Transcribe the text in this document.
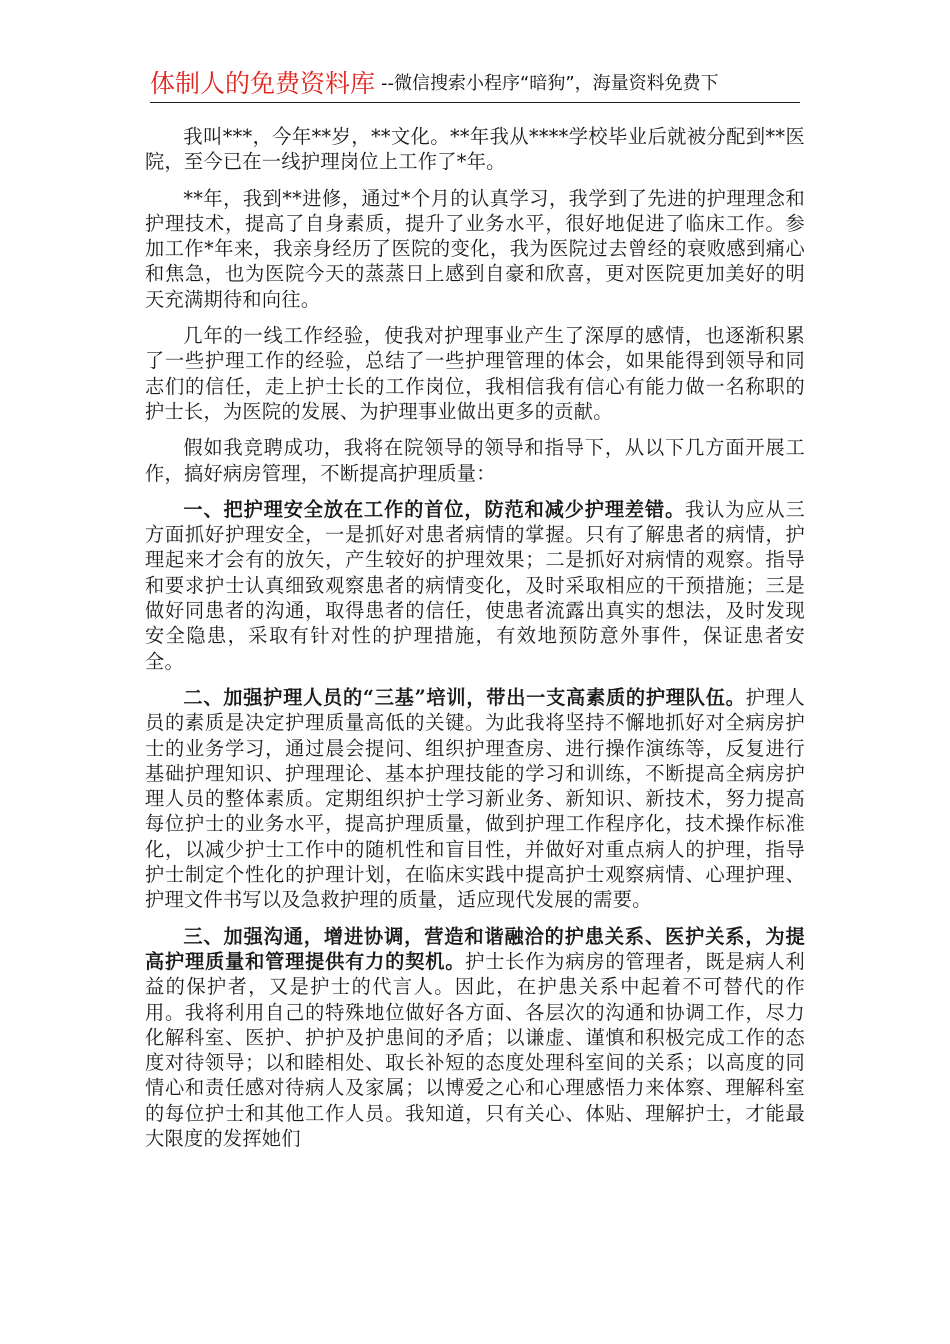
体制人的免费资料库 --微信搜索小程序“暗狗”，海量资料免费下

我叫***，今年**岁，**文化。**年我从****学校毕业后就被分配到**医院，至今已在一线护理岗位上工作了*年。

**年，我到**进修，通过*个月的认真学习，我学到了先进的护理理念和护理技术，提高了自身素质，提升了业务水平，很好地促进了临床工作。参加工作*年来，我亲身经历了医院的变化，我为医院过去曾经的衰败感到痛心和焦急，也为医院今天的蒸蒸日上感到自豪和欣喜，更对医院更加美好的明天充满期待和向往。

几年的一线工作经验，使我对护理事业产生了深厚的感情，也逐渐积累了一些护理工作的经验，总结了一些护理管理的体会，如果能得到领导和同志们的信任，走上护士长的工作岗位，我相信我有信心有能力做一名称职的护士长，为医院的发展、为护理事业做出更多的贡献。

假如我竞聘成功，我将在院领导的领导和指导下，从以下几方面开展工作，搞好病房管理，不断提高护理质量：

一、把护理安全放在工作的首位，防范和减少护理差错。我认为应从三方面抓好护理安全，一是抓好对患者病情的掌握。只有了解患者的病情，护理起来才会有的放矢，产生较好的护理效果；二是抓好对病情的观察。指导和要求护士认真细致观察患者的病情变化，及时采取相应的干预措施；三是做好同患者的沟通，取得患者的信任，使患者流露出真实的想法，及时发现安全隐患，采取有针对性的护理措施，有效地预防意外事件，保证患者安全。

二、加强护理人员的“三基”培训，带出一支高素质的护理队伍。护理人员的素质是决定护理质量高低的关键。为此我将坚持不懈地抓好对全病房护士的业务学习，通过晨会提问、组织护理查房、进行操作演练等，反复进行基础护理知识、护理理论、基本护理技能的学习和训练，不断提高全病房护理人员的整体素质。定期组织护士学习新业务、新知识、新技术，努力提高每位护士的业务水平，提高护理质量，做到护理工作程序化，技术操作标准化，以减少护士工作中的随机性和盲目性，并做好对重点病人的护理，指导护士制定个性化的护理计划，在临床实践中提高护士观察病情、心理护理、护理文件书写以及急救护理的质量，适应现代发展的需要。

三、加强沟通，增进协调，营造和谐融洽的护患关系、医护关系，为提高护理质量和管理提供有力的契机。护士长作为病房的管理者，既是病人利益的保护者，又是护士的代言人。因此，在护患关系中起着不可替代的作用。我将利用自己的特殊地位做好各方面、各层次的沟通和协调工作，尽力化解科室、医护、护护及护患间的矛盾；以谦虚、谨慎和积极完成工作的态度对待领导；以和睦相处、取长补短的态度处理科室间的关系；以高度的同情心和责任感对待病人及家属；以博爱之心和心理感悟力来体察、理解科室的每位护士和其他工作人员。我知道，只有关心、体贴、理解护士，才能最大限度的发挥她们
